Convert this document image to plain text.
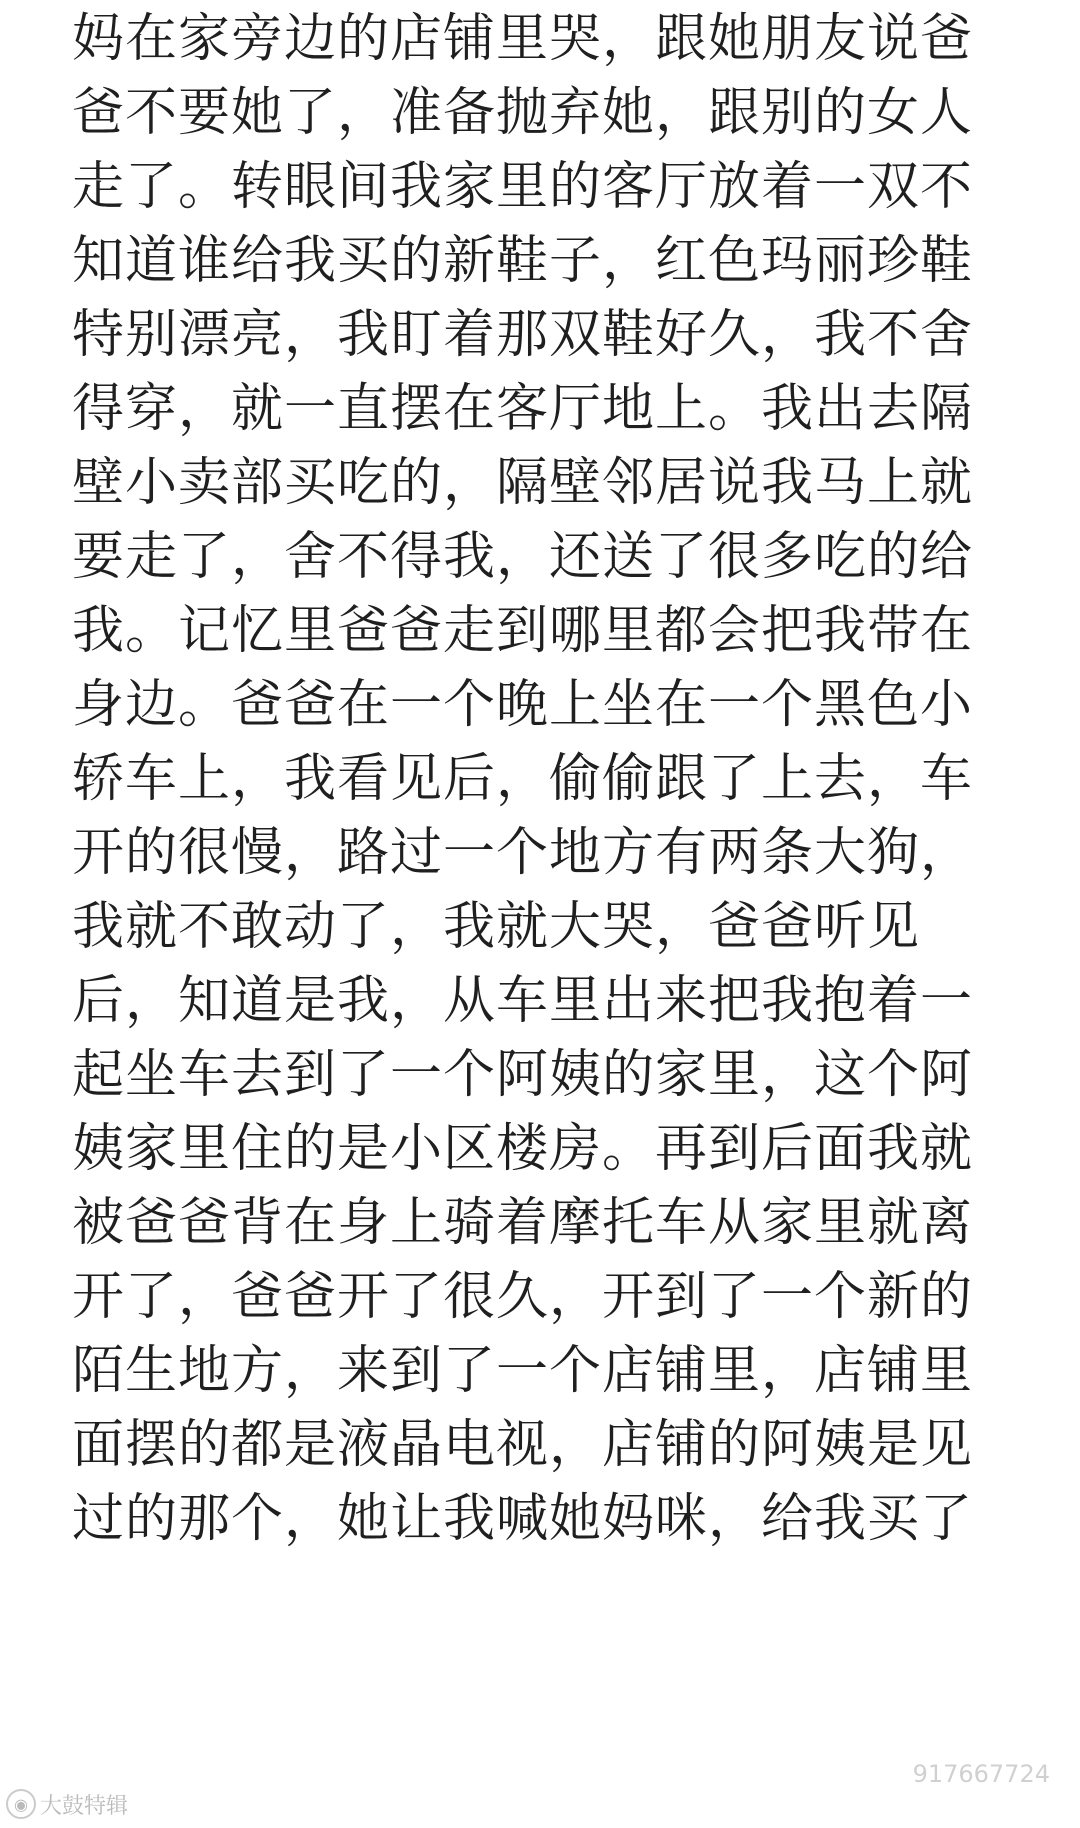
妈在家旁边的店铺里哭，跟她朋友说爸
爸不要她了，准备抛弃她，跟别的女人
走了。转眼间我家里的客厅放着一双不
知道谁给我买的新鞋子，红色玛丽珍鞋
特别漂亮，我盯着那双鞋好久，我不舍
得穿，就一直摆在客厅地上。我出去隔
壁小卖部买吃的，隔壁邻居说我马上就
要走了，舍不得我，还送了很多吃的给
我。记忆里爸爸走到哪里都会把我带在
身边。爸爸在一个晚上坐在一个黑色小
轿车上，我看见后，偷偷跟了上去，车
开的很慢，路过一个地方有两条大狗，
我就不敢动了，我就大哭，爸爸听见
后，知道是我，从车里出来把我抱着一
起坐车去到了一个阿姨的家里，这个阿
姨家里住的是小区楼房。再到后面我就
被爸爸背在身上骑着摩托车从家里就离
开了，爸爸开了很久，开到了一个新的
陌生地方，来到了一个店铺里，店铺里
面摆的都是液晶电视，店铺的阿姨是见
过的那个，她让我喊她妈咪，给我买了
◉ 大鼓特辑
917667724
